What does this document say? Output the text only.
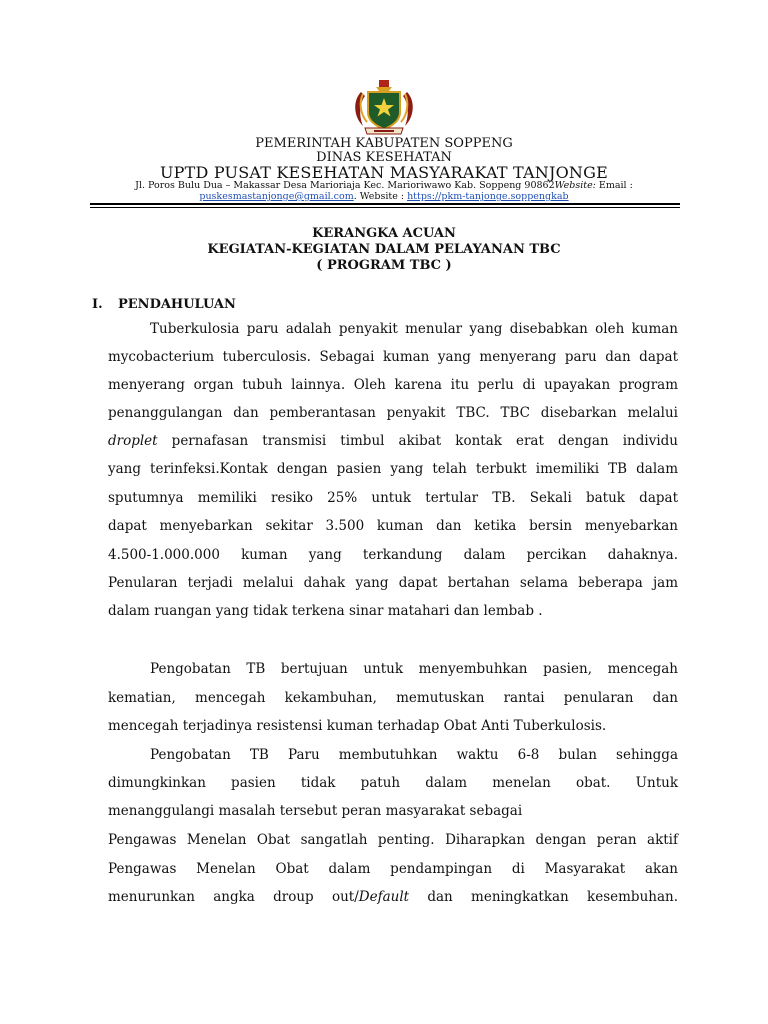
PEMERINTAH KABUPATEN SOPPENG
DINAS KESEHATAN
UPTD PUSAT KESEHATAN MASYARAKAT TANJONGE
Jl. Poros Bulu Dua – Makassar Desa Marioriaja Kec. Marioriwawo Kab. Soppeng 90862Website: Email :
puskesmastanjonge@gmail.com. Website : https://pkm-tanjonge.soppengkab
KERANGKA ACUAN
KEGIATAN-KEGIATAN DALAM PELAYANAN TBC
( PROGRAM TBC )
I. PENDAHULUAN
Tuberkulosia paru adalah penyakit menular yang disebabkan oleh kuman
mycobacterium tuberculosis. Sebagai kuman yang menyerang paru dan dapat
menyerang organ tubuh lainnya. Oleh karena itu perlu di upayakan program
penanggulangan dan pemberantasan penyakit TBC. TBC disebarkan melalui
droplet pernafasan transmisi timbul akibat kontak erat dengan individu
yang terinfeksi.Kontak dengan pasien yang telah terbukt imemiliki TB dalam
sputumnya memiliki resiko 25% untuk tertular TB. Sekali batuk dapat
dapat menyebarkan sekitar 3.500 kuman dan ketika bersin menyebarkan
4.500-1.000.000 kuman yang terkandung dalam percikan dahaknya.
Penularan terjadi melalui dahak yang dapat bertahan selama beberapa jam
dalam ruangan yang tidak terkena sinar matahari dan lembab .
Pengobatan TB bertujuan untuk menyembuhkan pasien, mencegah
kematian, mencegah kekambuhan, memutuskan rantai penularan dan
mencegah terjadinya resistensi kuman terhadap Obat Anti Tuberkulosis.
Pengobatan TB Paru membutuhkan waktu 6-8 bulan sehingga
dimungkinkan pasien tidak patuh dalam menelan obat. Untuk
menanggulangi masalah tersebut peran masyarakat sebagai
Pengawas Menelan Obat sangatlah penting. Diharapkan dengan peran aktif
Pengawas Menelan Obat dalam pendampingan di Masyarakat akan
menurunkan angka droup out/Default dan meningkatkan kesembuhan.
